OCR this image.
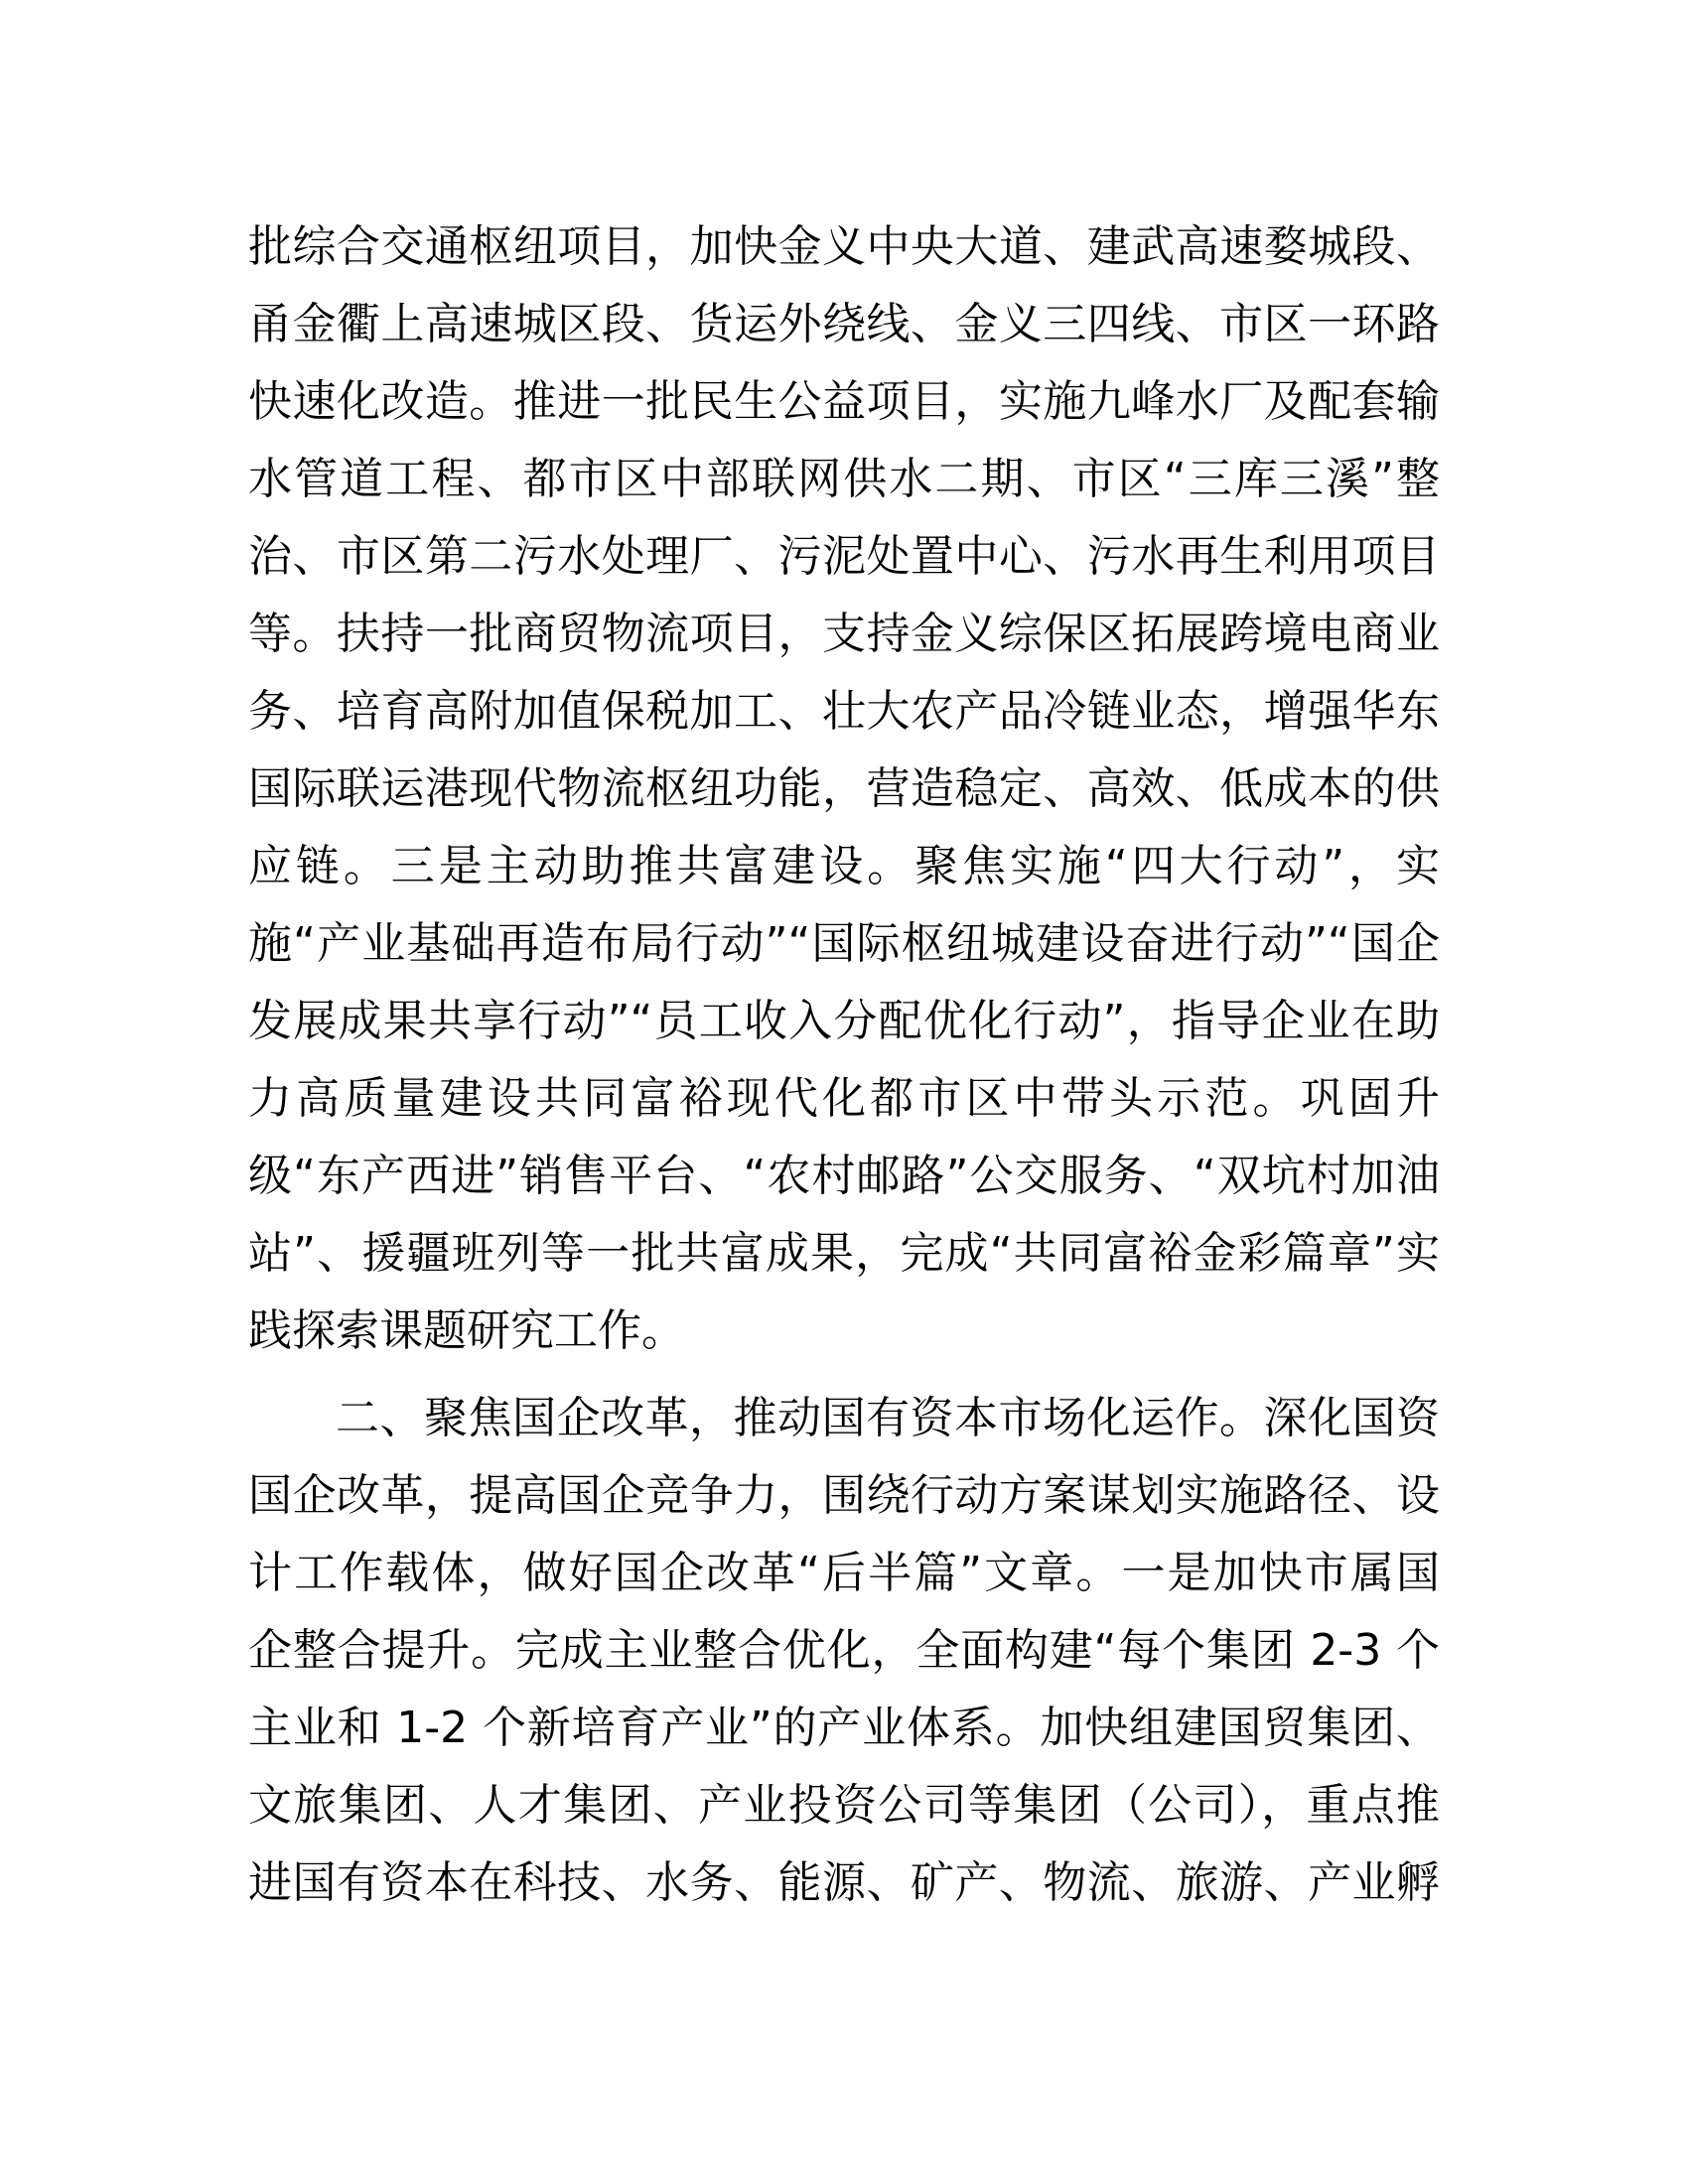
批综合交通枢纽项目，加快金义中央大道、建武高速婺城段、
甬金衢上高速城区段、货运外绕线、金义三四线、市区一环路
快速化改造。推进一批民生公益项目，实施九峰水厂及配套输
水管道工程、都市区中部联网供水二期、市区“三库三溪”整
治、市区第二污水处理厂、污泥处置中心、污水再生利用项目
等。扶持一批商贸物流项目，支持金义综保区拓展跨境电商业
务、培育高附加值保税加工、壮大农产品冷链业态，增强华东
国际联运港现代物流枢纽功能，营造稳定、高效、低成本的供
应链。三是主动助推共富建设。聚焦实施“四大行动”，实
施“产业基础再造布局行动”“国际枢纽城建设奋进行动”“国企
发展成果共享行动”“员工收入分配优化行动”，指导企业在助
力高质量建设共同富裕现代化都市区中带头示范。巩固升
级“东产西进”销售平台、“农村邮路”公交服务、“双坑村加油
站”、援疆班列等一批共富成果，完成“共同富裕金彩篇章”实
践探索课题研究工作。
二、聚焦国企改革，推动国有资本市场化运作。深化国资
国企改革，提高国企竞争力，围绕行动方案谋划实施路径、设
计工作载体，做好国企改革“后半篇”文章。一是加快市属国
企整合提升。完成主业整合优化，全面构建“每个集团 2-3 个
主业和 1-2 个新培育产业”的产业体系。加快组建国贸集团、
文旅集团、人才集团、产业投资公司等集团（公司），重点推
进国有资本在科技、水务、能源、矿产、物流、旅游、产业孵
